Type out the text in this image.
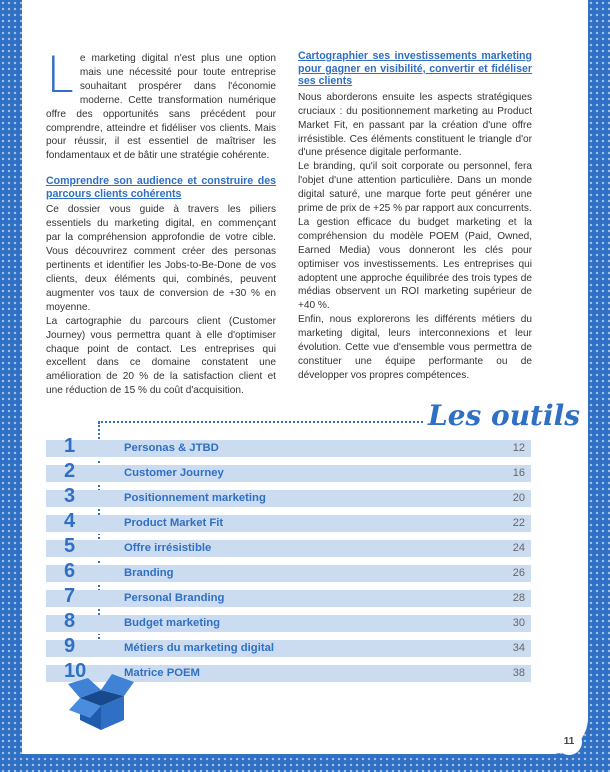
L e marketing digital n'est plus une option mais une nécessité pour toute entreprise souhaitant prospérer dans l'économie moderne. Cette transformation numérique offre des opportunités sans précédent pour comprendre, atteindre et fidéliser vos clients. Mais pour réussir, il est essentiel de maîtriser les fondamentaux et de bâtir une stratégie cohérente.

Comprendre son audience et construire des parcours clients cohérents

Ce dossier vous guide à travers les piliers essentiels du marketing digital, en commençant par la compréhension approfondie de votre cible. Vous découvrirez comment créer des personas pertinents et identifier les Jobs-to-Be-Done de vos clients, deux éléments qui, combinés, peuvent augmenter vos taux de conversion de +30 % en moyenne.

La cartographie du parcours client (Customer Journey) vous permettra quant à elle d'optimiser chaque point de contact. Les entreprises qui excellent dans ce domaine constatent une amélioration de 20 % de la satisfaction client et une réduction de 15 % du coût d'acquisition.

Cartographier ses investissements marketing pour gagner en visibilité, convertir et fidéliser ses clients

Nous aborderons ensuite les aspects stratégiques cruciaux : du positionnement marketing au Product Market Fit, en passant par la création d'une offre irrésistible. Ces éléments constituent le triangle d'or d'une présence digitale performante.

Le branding, qu'il soit corporate ou personnel, fera l'objet d'une attention particulière. Dans un monde digital saturé, une marque forte peut générer une prime de prix de +25 % par rapport aux concurrents.

La gestion efficace du budget marketing et la compréhension du modèle POEM (Paid, Owned, Earned Media) vous donneront les clés pour optimiser vos investissements. Les entreprises qui adoptent une approche équilibrée des trois types de médias observent un ROI marketing supérieur de +40 %.

Enfin, nous explorerons les différents métiers du marketing digital, leurs interconnexions et leur évolution. Cette vue d'ensemble vous permettra de constituer une équipe performante ou de développer vos propres compétences.

Les outils
1	Personas & JTBD	12
2	Customer Journey	16
3	Positionnement marketing	20
4	Product Market Fit	22
5	Offre irrésistible	24
6	Branding	26
7	Personal Branding	28
8	Budget marketing	30
9	Métiers du marketing digital	34
10	Matrice POEM	38
11
